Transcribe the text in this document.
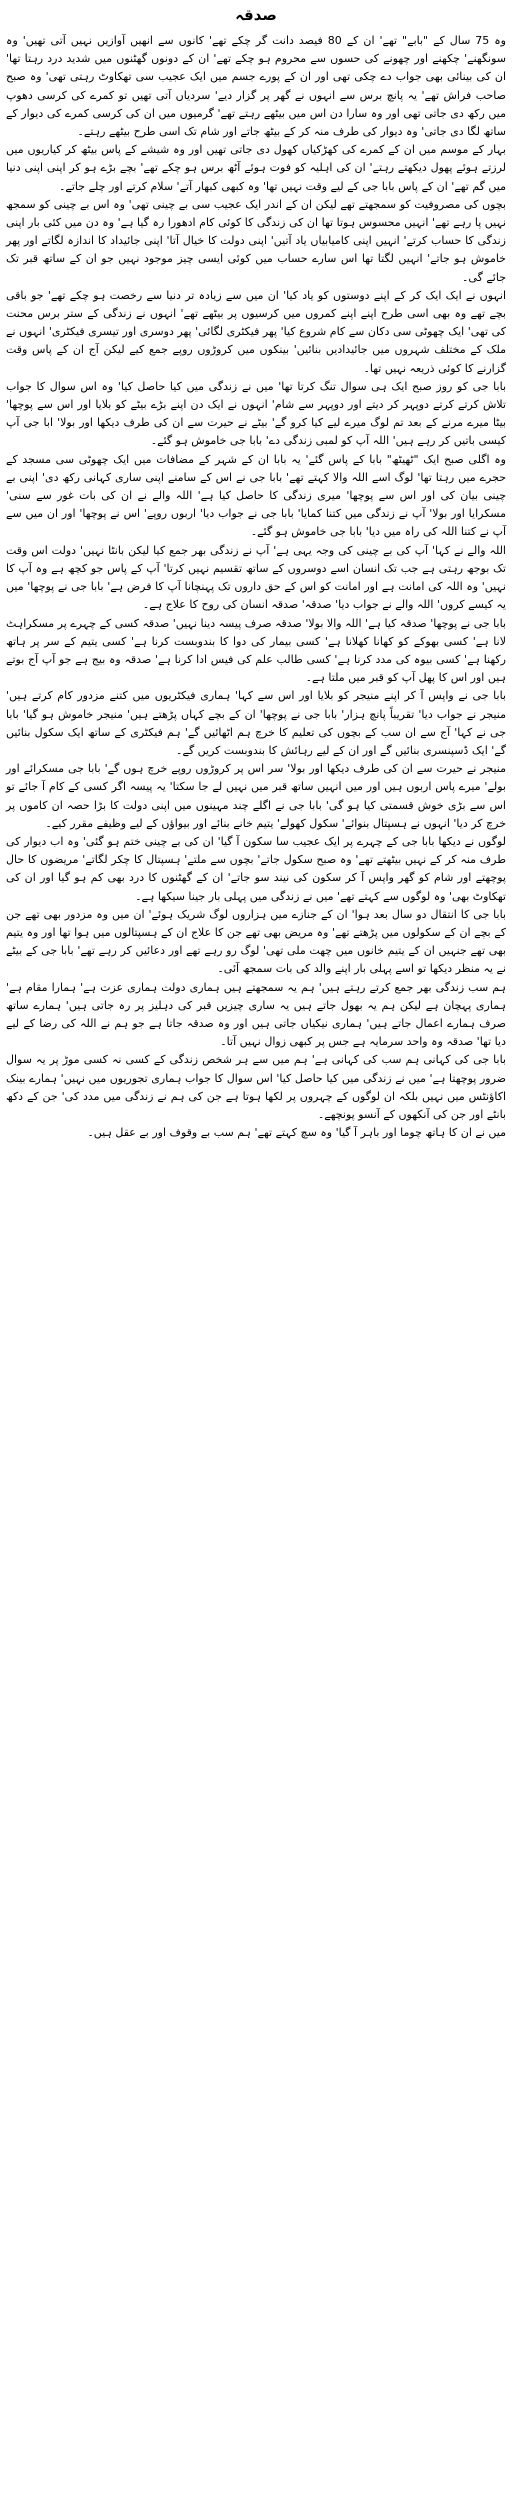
صدقہ

وہ 75 سال کے "بابے" تھے' ان کے 80 فیصد دانت گر چکے تھے' کانوں سے انھیں آوازیں نہیں آتی تھیں' وہ سونگھنے' چکھنے اور چھونے کی حسوں سے محروم ہو چکے تھے' ان کے دونوں گھٹنوں میں شدید درد رہتا تھا' ان کی بینائی بھی جواب دے چکی تھی اور ان کے پورے جسم میں ایک عجیب سی تھکاوٹ رہتی تھی' وہ صبح صاحب فراش تھے' یہ پانچ برس سے انہوں نے گھر پر گزار دیے' سردیاں آتی تھیں تو کمرے کی کرسی دھوپ میں رکھ دی جاتی تھی اور وہ سارا دن اس میں بیٹھے رہتے تھے' گرمیوں میں ان کی کرسی کمرے کی دیوار کے ساتھ لگا دی جاتی' وہ دیوار کی طرف منہ کر کے بیٹھ جاتے اور شام تک اسی طرح بیٹھے رہتے۔

بہار کے موسم میں ان کے کمرے کی کھڑکیاں کھول دی جاتی تھیں اور وہ شیشے کے پاس بیٹھ کر کیاریوں میں لرزتے ہوئے پھول دیکھتے رہتے' ان کی اہلیہ کو فوت ہوئے آٹھ برس ہو چکے تھے' بچے بڑے ہو کر اپنی اپنی دنیا میں گم تھے' ان کے پاس بابا جی کے لیے وقت نہیں تھا' وہ کبھی کبھار آتے' سلام کرتے اور چلے جاتے۔

بچوں کی مصروفیت کو سمجھتے تھے لیکن ان کے اندر ایک عجیب سی بے چینی تھی' وہ اس بے چینی کو سمجھ نہیں پا رہے تھے' انہیں محسوس ہوتا تھا ان کی زندگی کا کوئی کام ادھورا رہ گیا ہے' وہ دن میں کئی بار اپنی زندگی کا حساب کرتے' انہیں اپنی کامیابیاں یاد آتیں' اپنی دولت کا خیال آتا' اپنی جائیداد کا اندازہ لگاتے اور پھر خاموش ہو جاتے' انہیں لگتا تھا اس سارے حساب میں کوئی ایسی چیز موجود نہیں جو ان کے ساتھ قبر تک جائے گی۔

انہوں نے ایک ایک کر کے اپنے دوستوں کو یاد کیا' ان میں سے زیادہ تر دنیا سے رخصت ہو چکے تھے' جو باقی بچے تھے وہ بھی اسی طرح اپنے اپنے کمروں میں کرسیوں پر بیٹھے تھے' انہوں نے زندگی کے ستر برس محنت کی تھی' ایک چھوٹی سی دکان سے کام شروع کیا' پھر فیکٹری لگائی' پھر دوسری اور تیسری فیکٹری' انہوں نے ملک کے مختلف شہروں میں جائیدادیں بنائیں' بینکوں میں کروڑوں روپے جمع کیے لیکن آج ان کے پاس وقت گزارنے کا کوئی ذریعہ نہیں تھا۔

بابا جی کو روز صبح ایک ہی سوال تنگ کرتا تھا' میں نے زندگی میں کیا حاصل کیا' وہ اس سوال کا جواب تلاش کرتے کرتے دوپہر کر دیتے اور دوپہر سے شام' انہوں نے ایک دن اپنے بڑے بیٹے کو بلایا اور اس سے پوچھا' بیٹا میرے مرنے کے بعد تم لوگ میرے لیے کیا کرو گے' بیٹے نے حیرت سے ان کی طرف دیکھا اور بولا' ابا جی آپ کیسی باتیں کر رہے ہیں' اللہ آپ کو لمبی زندگی دے' بابا جی خاموش ہو گئے۔

وہ اگلی صبح ایک "ٹھیٹھ" بابا کے پاس گئے' یہ بابا ان کے شہر کے مضافات میں ایک چھوٹی سی مسجد کے حجرے میں رہتا تھا' لوگ اسے اللہ والا کہتے تھے' بابا جی نے اس کے سامنے اپنی ساری کہانی رکھ دی' اپنی بے چینی بیان کی اور اس سے پوچھا' میری زندگی کا حاصل کیا ہے' اللہ والے نے ان کی بات غور سے سنی' مسکرایا اور بولا' آپ نے زندگی میں کتنا کمایا' بابا جی نے جواب دیا' اربوں روپے' اس نے پوچھا' اور ان میں سے آپ نے کتنا اللہ کی راہ میں دیا' بابا جی خاموش ہو گئے۔

اللہ والے نے کہا' آپ کی بے چینی کی وجہ یہی ہے' آپ نے زندگی بھر جمع کیا لیکن بانٹا نہیں' دولت اس وقت تک بوجھ رہتی ہے جب تک انسان اسے دوسروں کے ساتھ تقسیم نہیں کرتا' آپ کے پاس جو کچھ ہے وہ آپ کا نہیں' وہ اللہ کی امانت ہے اور امانت کو اس کے حق داروں تک پہنچانا آپ کا فرض ہے' بابا جی نے پوچھا' میں یہ کیسے کروں' اللہ والے نے جواب دیا' صدقہ' صدقہ انسان کی روح کا علاج ہے۔

بابا جی نے پوچھا' صدقہ کیا ہے' اللہ والا بولا' صدقہ صرف پیسہ دینا نہیں' صدقہ کسی کے چہرے پر مسکراہٹ لانا ہے' کسی بھوکے کو کھانا کھلانا ہے' کسی بیمار کی دوا کا بندوبست کرنا ہے' کسی یتیم کے سر پر ہاتھ رکھنا ہے' کسی بیوہ کی مدد کرنا ہے' کسی طالب علم کی فیس ادا کرنا ہے' صدقہ وہ بیج ہے جو آپ آج بوتے ہیں اور اس کا پھل آپ کو قبر میں ملتا ہے۔

بابا جی نے واپس آ کر اپنے منیجر کو بلایا اور اس سے کہا' ہماری فیکٹریوں میں کتنے مزدور کام کرتے ہیں' منیجر نے جواب دیا' تقریباً پانچ ہزار' بابا جی نے پوچھا' ان کے بچے کہاں پڑھتے ہیں' منیجر خاموش ہو گیا' بابا جی نے کہا' آج سے ان سب کے بچوں کی تعلیم کا خرچ ہم اٹھائیں گے' ہم فیکٹری کے ساتھ ایک سکول بنائیں گے' ایک ڈسپنسری بنائیں گے اور ان کے لیے رہائش کا بندوبست کریں گے۔

منیجر نے حیرت سے ان کی طرف دیکھا اور بولا' سر اس پر کروڑوں روپے خرچ ہوں گے' بابا جی مسکرائے اور بولے' میرے پاس اربوں ہیں اور میں انہیں ساتھ قبر میں نہیں لے جا سکتا' یہ پیسہ اگر کسی کے کام آ جائے تو اس سے بڑی خوش قسمتی کیا ہو گی' بابا جی نے اگلے چند مہینوں میں اپنی دولت کا بڑا حصہ ان کاموں پر خرچ کر دیا' انہوں نے ہسپتال بنوائے' سکول کھولے' یتیم خانے بنائے اور بیواؤں کے لیے وظیفے مقرر کیے۔

لوگوں نے دیکھا بابا جی کے چہرے پر ایک عجیب سا سکون آ گیا' ان کی بے چینی ختم ہو گئی' وہ اب دیوار کی طرف منہ کر کے نہیں بیٹھتے تھے' وہ صبح سکول جاتے' بچوں سے ملتے' ہسپتال کا چکر لگاتے' مریضوں کا حال پوچھتے اور شام کو گھر واپس آ کر سکون کی نیند سو جاتے' ان کے گھٹنوں کا درد بھی کم ہو گیا اور ان کی تھکاوٹ بھی' وہ لوگوں سے کہتے تھے' میں نے زندگی میں پہلی بار جینا سیکھا ہے۔

بابا جی کا انتقال دو سال بعد ہوا' ان کے جنازے میں ہزاروں لوگ شریک ہوئے' ان میں وہ مزدور بھی تھے جن کے بچے ان کے سکولوں میں پڑھتے تھے' وہ مریض بھی تھے جن کا علاج ان کے ہسپتالوں میں ہوا تھا اور وہ یتیم بھی تھے جنہیں ان کے یتیم خانوں میں چھت ملی تھی' لوگ رو رہے تھے اور دعائیں کر رہے تھے' بابا جی کے بیٹے نے یہ منظر دیکھا تو اسے پہلی بار اپنے والد کی بات سمجھ آئی۔

ہم سب زندگی بھر جمع کرتے رہتے ہیں' ہم یہ سمجھتے ہیں ہماری دولت ہماری عزت ہے' ہمارا مقام ہے' ہماری پہچان ہے لیکن ہم یہ بھول جاتے ہیں یہ ساری چیزیں قبر کی دہلیز پر رہ جاتی ہیں' ہمارے ساتھ صرف ہمارے اعمال جاتے ہیں' ہماری نیکیاں جاتی ہیں اور وہ صدقہ جاتا ہے جو ہم نے اللہ کی رضا کے لیے دیا تھا' صدقہ وہ واحد سرمایہ ہے جس پر کبھی زوال نہیں آتا۔

بابا جی کی کہانی ہم سب کی کہانی ہے' ہم میں سے ہر شخص زندگی کے کسی نہ کسی موڑ پر یہ سوال ضرور پوچھتا ہے' میں نے زندگی میں کیا حاصل کیا' اس سوال کا جواب ہماری تجوریوں میں نہیں' ہمارے بینک اکاؤنٹس میں نہیں بلکہ ان لوگوں کے چہروں پر لکھا ہوتا ہے جن کی ہم نے زندگی میں مدد کی' جن کے دکھ بانٹے اور جن کی آنکھوں کے آنسو پونچھے۔

میں نے ان کا ہاتھ چوما اور باہر آ گیا' وہ سچ کہتے تھے' ہم سب بے وقوف اور بے عقل ہیں۔
